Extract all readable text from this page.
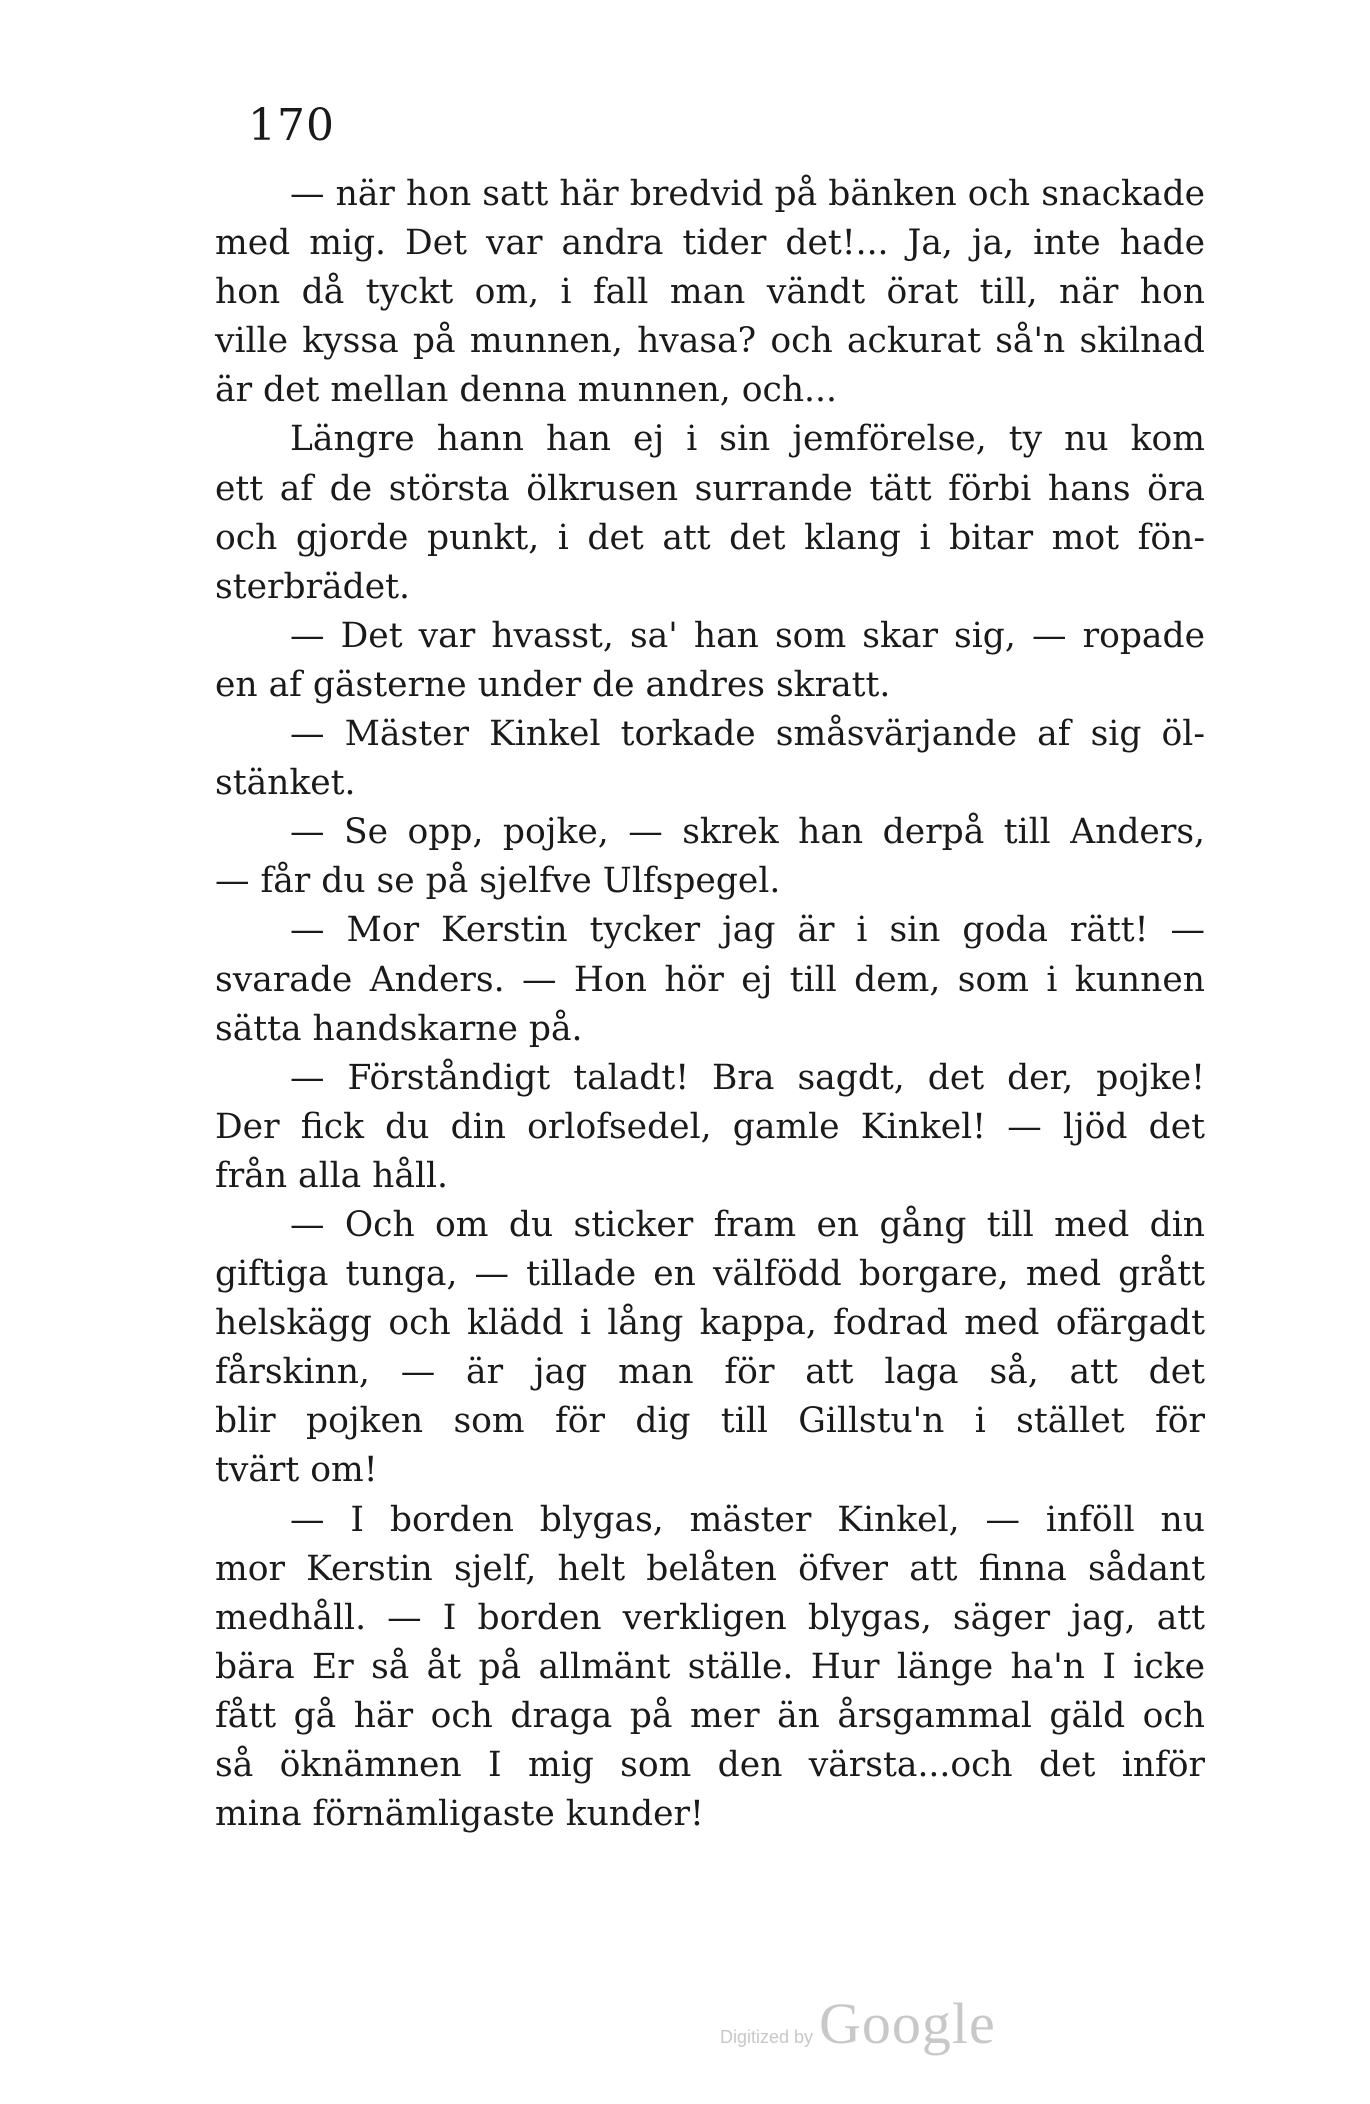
170
— när hon satt här bredvid på bänken och snackade
med mig. Det var andra tider det!... Ja, ja, inte hade
hon då tyckt om, i fall man vändt örat till, när hon
ville kyssa på munnen, hvasa? och ackurat så'n skilnad
är det mellan denna munnen, och...
Längre hann han ej i sin jemförelse, ty nu kom
ett af de största ölkrusen surrande tätt förbi hans öra
och gjorde punkt, i det att det klang i bitar mot fön-
sterbrädet.
— Det var hvasst, sa' han som skar sig, — ropade
en af gästerne under de andres skratt.
— Mäster Kinkel torkade småsvärjande af sig öl-
stänket.
— Se opp, pojke, — skrek han derpå till Anders,
— får du se på sjelfve Ulfspegel.
— Mor Kerstin tycker jag är i sin goda rätt! —
svarade Anders. — Hon hör ej till dem, som i kunnen
sätta handskarne på.
— Förståndigt taladt! Bra sagdt, det der, pojke!
Der fick du din orlofsedel, gamle Kinkel! — ljöd det
från alla håll.
— Och om du sticker fram en gång till med din
giftiga tunga, — tillade en välfödd borgare, med grått
helskägg och klädd i lång kappa, fodrad med ofärgadt
fårskinn, — är jag man för att laga så, att det
blir pojken som för dig till Gillstu'n i stället för
tvärt om!
— I borden blygas, mäster Kinkel, — inföll nu
mor Kerstin sjelf, helt belåten öfver att finna sådant
medhåll. — I borden verkligen blygas, säger jag, att
bära Er så åt på allmänt ställe. Hur länge ha'n I icke
fått gå här och draga på mer än årsgammal gäld och
så öknämnen I mig som den värsta...och det inför
mina förnämligaste kunder!
Digitized by Google
